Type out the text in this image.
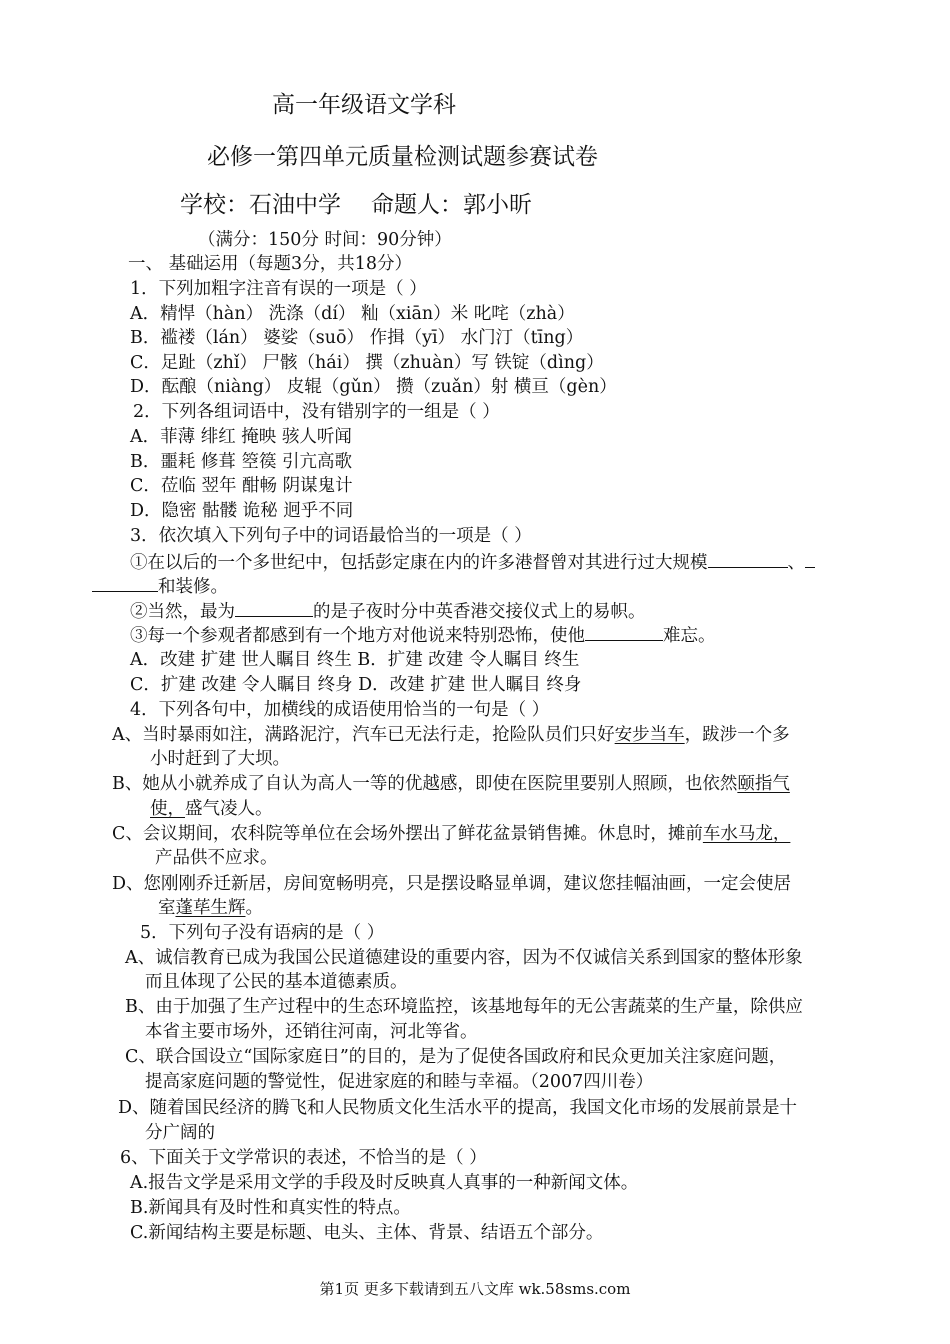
高一年级语文学科
必修一第四单元质量检测试题参赛试卷
学校：石油中学 命题人：郭小昕
（满分：150分 时间：90分钟）
一、 基础运用（每题3分，共18分）
1．下列加粗字注音有误的一项是（ ）
A．精悍（hàn） 洗涤（dí） 籼（xiān）米 叱咤（zhà）
B．褴褛（lán） 婆娑（suō） 作揖（yī） 水门汀（tīng）
C．足趾（zhǐ） 尸骸（hái） 撰（zhuàn）写 铁锭（dìng）
D．酝酿（niàng） 皮辊（gǔn） 攒（zuǎn）射 横亘（gèn）
2．下列各组词语中，没有错别字的一组是（ ）
A．菲薄 绯红 掩映 骇人听闻
B．噩耗 修葺 箜篌 引亢高歌
C．莅临 翌年 酣畅 阴谋鬼计
D．隐密 骷髅 诡秘 迥乎不同
3．依次填入下列句子中的词语最恰当的一项是（ ）
①在以后的一个多世纪中，包括彭定康在内的许多港督曾对其进行过大规模	、
和装修。
②当然，最为	的是子夜时分中英香港交接仪式上的易帜。
③每一个参观者都感到有一个地方对他说来特别恐怖，使他	难忘。
A．改建 扩建 世人瞩目 终生 B．扩建 改建 令人瞩目 终生
C．扩建 改建 令人瞩目 终身 D．改建 扩建 世人瞩目 终身
4．下列各句中，加横线的成语使用恰当的一句是（ ）
A、当时暴雨如注，满路泥泞，汽车已无法行走，抢险队员们只好安步当车，跋涉一个多
小时赶到了大坝。
B、她从小就养成了自认为高人一等的优越感，即使在医院里要别人照顾，也依然颐指气
使，盛气凌人。
C、会议期间，农科院等单位在会场外摆出了鲜花盆景销售摊。休息时，摊前车水马龙，
产品供不应求。
D、您刚刚乔迁新居，房间宽畅明亮，只是摆设略显单调，建议您挂幅油画，一定会使居
室蓬荜生辉。
5．下列句子没有语病的是（ ）
A、诚信教育已成为我国公民道德建设的重要内容，因为不仅诚信关系到国家的整体形象
而且体现了公民的基本道德素质。
B、由于加强了生产过程中的生态环境监控，该基地每年的无公害蔬菜的生产量，除供应
本省主要市场外，还销往河南，河北等省。
C、联合国设立“国际家庭日”的目的，是为了促使各国政府和民众更加关注家庭问题，
提高家庭问题的警觉性，促进家庭的和睦与幸福。（2007四川卷）
D、随着国民经济的腾飞和人民物质文化生活水平的提高，我国文化市场的发展前景是十
分广阔的
6、下面关于文学常识的表述，不恰当的是（ ）
A.报告文学是采用文学的手段及时反映真人真事的一种新闻文体。
B.新闻具有及时性和真实性的特点。
C.新闻结构主要是标题、电头、主体、背景、结语五个部分。
第1页 更多下载请到五八文库 wk.58sms.com
